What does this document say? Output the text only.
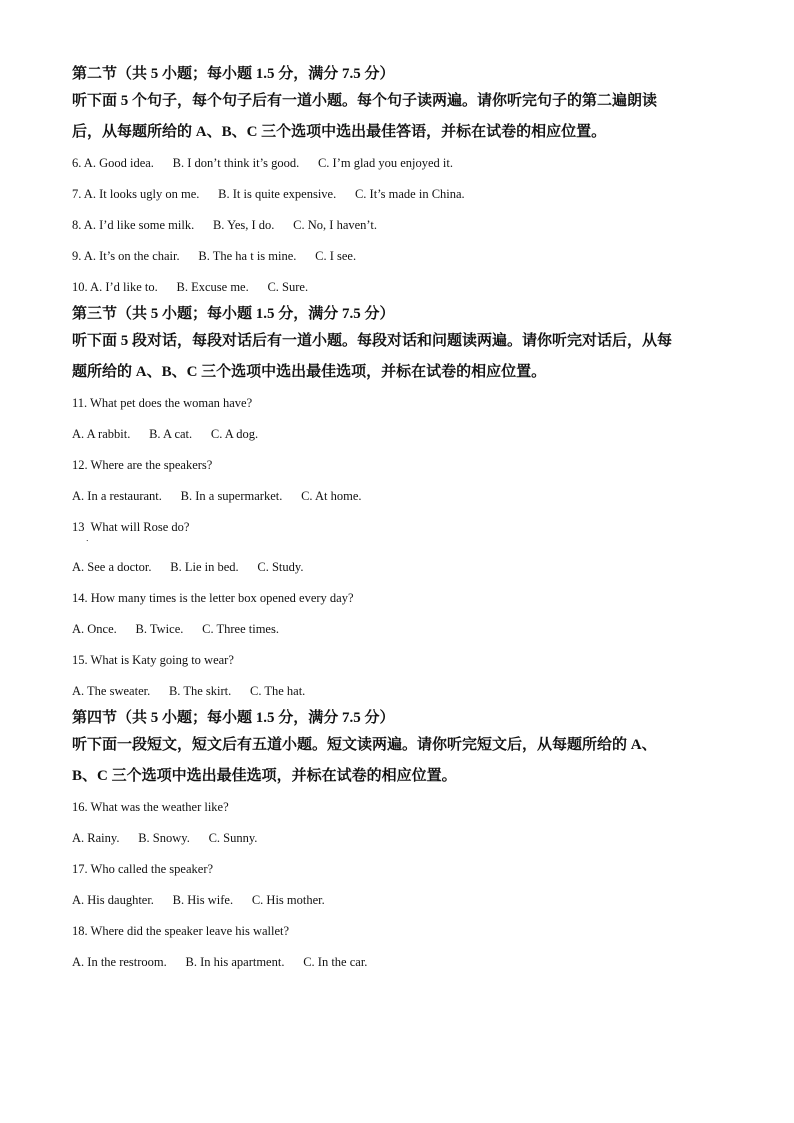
第二节（共 5 小题；每小题 1.5 分，满分 7.5 分）

听下面 5 个句子，每个句子后有一道小题。每个句子读两遍。请你听完句子的第二遍朗读

后，从每题所给的 A、B、C 三个选项中选出最佳答语，并标在试卷的相应位置。

6. A. Good idea.      B. I don’t think it’s good.      C. I’m glad you enjoyed it.

7. A. It looks ugly on me.      B. It is quite expensive.      C. It’s made in China.

8. A. I’d like some milk.      B. Yes, I do.      C. No, I haven’t.

9. A. It’s on the chair.      B. The ha t is mine.      C. I see.

10. A. I’d like to.      B. Excuse me.      C. Sure.

第三节（共 5 小题；每小题 1.5 分，满分 7.5 分）

听下面 5 段对话，每段对话后有一道小题。每段对话和问题读两遍。请你听完对话后，从每

题所给的 A、B、C 三个选项中选出最佳选项，并标在试卷的相应位置。

11. What pet does the woman have?

A. A rabbit.      B. A cat.      C. A dog.

12. Where are the speakers?

A. In a restaurant.      B. In a supermarket.      C. At home.

13  What will Rose do?

．

A. See a doctor.      B. Lie in bed.      C. Study.

14. How many times is the letter box opened every day?

A. Once.      B. Twice.      C. Three times.

15. What is Katy going to wear?

A. The sweater.      B. The skirt.      C. The hat.

第四节（共 5 小题；每小题 1.5 分，满分 7.5 分）

听下面一段短文，短文后有五道小题。短文读两遍。请你听完短文后，从每题所给的 A、

B、C 三个选项中选出最佳选项，并标在试卷的相应位置。

16. What was the weather like?

A. Rainy.      B. Snowy.      C. Sunny.

17. Who called the speaker?

A. His daughter.      B. His wife.      C. His mother.

18. Where did the speaker leave his wallet?

A. In the restroom.      B. In his apartment.      C. In the car.
